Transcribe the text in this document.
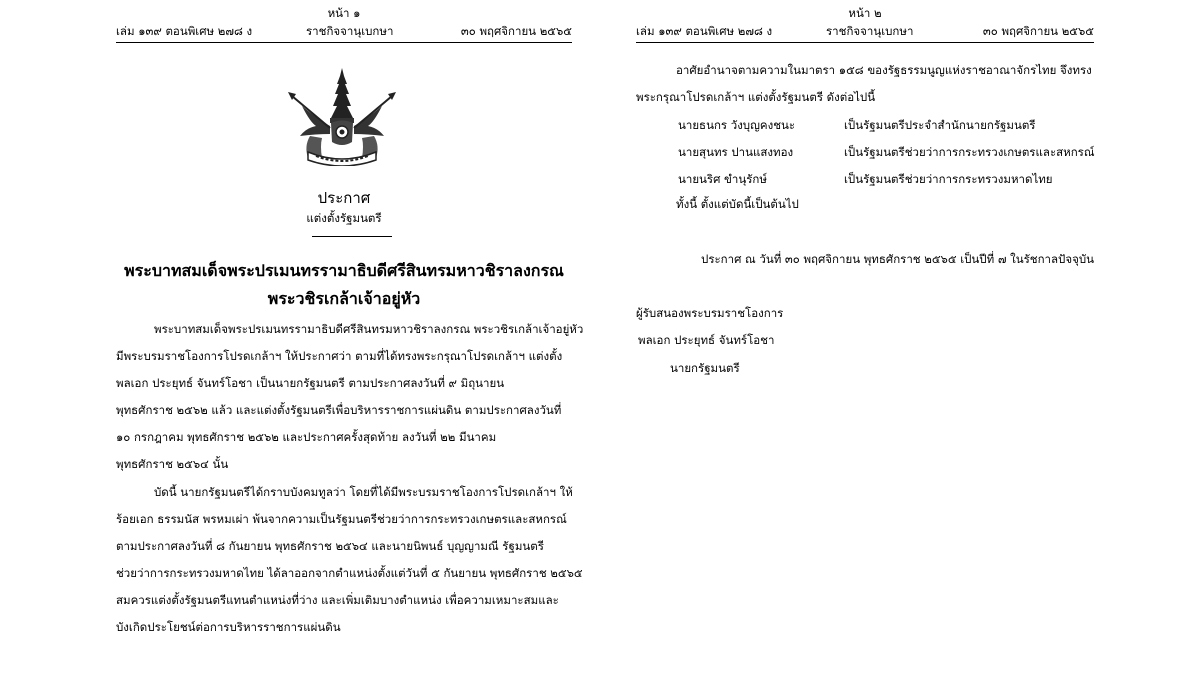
หน้า ๑
เล่ม ๑๓๙ ตอนพิเศษ ๒๗๘ ง	ราชกิจจานุเบกษา	๓๐ พฤศจิกายน ๒๕๖๕
ประกาศ
แต่งตั้งรัฐมนตรี
พระบาทสมเด็จพระปรเมนทรรามาธิบดีศรีสินทรมหาวชิราลงกรณ
พระวชิรเกล้าเจ้าอยู่หัว
พระบาทสมเด็จพระปรเมนทรรามาธิบดีศรีสินทรมหาวชิราลงกรณ พระวชิรเกล้าเจ้าอยู่หัว
มีพระบรมราชโองการโปรดเกล้าฯ ให้ประกาศว่า ตามที่ได้ทรงพระกรุณาโปรดเกล้าฯ แต่งตั้ง
พลเอก ประยุทธ์ จันทร์โอชา เป็นนายกรัฐมนตรี ตามประกาศลงวันที่ ๙ มิถุนายน
พุทธศักราช ๒๕๖๒ แล้ว และแต่งตั้งรัฐมนตรีเพื่อบริหารราชการแผ่นดิน ตามประกาศลงวันที่
๑๐ กรกฎาคม พุทธศักราช ๒๕๖๒ และประกาศครั้งสุดท้าย ลงวันที่ ๒๒ มีนาคม
พุทธศักราช ๒๕๖๔ นั้น
บัดนี้ นายกรัฐมนตรีได้กราบบังคมทูลว่า โดยที่ได้มีพระบรมราชโองการโปรดเกล้าฯ ให้
ร้อยเอก ธรรมนัส พรหมเผ่า พ้นจากความเป็นรัฐมนตรีช่วยว่าการกระทรวงเกษตรและสหกรณ์
ตามประกาศลงวันที่ ๘ กันยายน พุทธศักราช ๒๕๖๔ และนายนิพนธ์ บุญญามณี รัฐมนตรี
ช่วยว่าการกระทรวงมหาดไทย ได้ลาออกจากตำแหน่งตั้งแต่วันที่ ๕ กันยายน พุทธศักราช ๒๕๖๕
สมควรแต่งตั้งรัฐมนตรีแทนตำแหน่งที่ว่าง และเพิ่มเติมบางตำแหน่ง เพื่อความเหมาะสมและ
บังเกิดประโยชน์ต่อการบริหารราชการแผ่นดิน
หน้า ๒
เล่ม ๑๓๙ ตอนพิเศษ ๒๗๘ ง	ราชกิจจานุเบกษา	๓๐ พฤศจิกายน ๒๕๖๕
อาศัยอำนาจตามความในมาตรา ๑๕๘ ของรัฐธรรมนูญแห่งราชอาณาจักรไทย จึงทรง
พระกรุณาโปรดเกล้าฯ แต่งตั้งรัฐมนตรี ดังต่อไปนี้
นายธนกร วังบุญคงชนะ	เป็นรัฐมนตรีประจำสำนักนายกรัฐมนตรี
นายสุนทร ปานแสงทอง	เป็นรัฐมนตรีช่วยว่าการกระทรวงเกษตรและสหกรณ์
นายนริศ ขำนุรักษ์	เป็นรัฐมนตรีช่วยว่าการกระทรวงมหาดไทย
ทั้งนี้ ตั้งแต่บัดนี้เป็นต้นไป
ประกาศ ณ วันที่ ๓๐ พฤศจิกายน พุทธศักราช ๒๕๖๕ เป็นปีที่ ๗ ในรัชกาลปัจจุบัน
ผู้รับสนองพระบรมราชโองการ
พลเอก ประยุทธ์ จันทร์โอชา
นายกรัฐมนตรี
